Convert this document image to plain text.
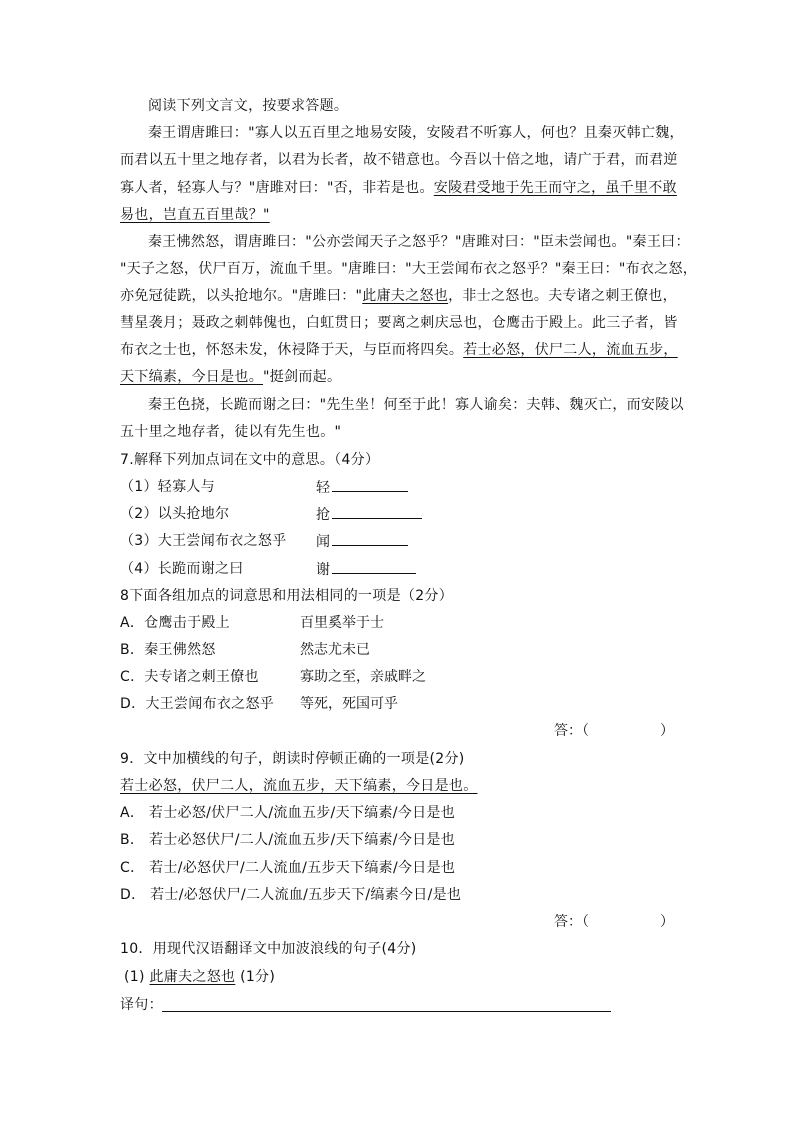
阅读下列文言文，按要求答题。
秦王谓唐雎曰："寡人以五百里之地易安陵，安陵君不听寡人，何也？且秦灭韩亡魏，
而君以五十里之地存者，以君为长者，故不错意也。今吾以十倍之地，请广于君，而君逆
寡人者，轻寡人与？"唐雎对曰："否，非若是也。安陵君受地于先王而守之，虽千里不敢
易也，岂直五百里哉？"
秦王怫然怒，谓唐雎曰："公亦尝闻天子之怒乎？"唐雎对曰："臣未尝闻也。"秦王曰：
"天子之怒，伏尸百万，流血千里。"唐雎曰："大王尝闻布衣之怒乎？"秦王曰："布衣之怒，
亦免冠徒跣，以头抢地尔。"唐雎曰："此庸夫之怒也，非士之怒也。夫专诸之刺王僚也，
彗星袭月；聂政之刺韩傀也，白虹贯日；要离之刺庆忌也，仓鹰击于殿上。此三子者，皆
布衣之士也，怀怒未发，休祲降于天，与臣而将四矣。若士必怒，伏尸二人，流血五步，
天下缟素，今日是也。"挺剑而起。
秦王色挠，长跪而谢之曰："先生坐！何至于此！寡人谕矣：夫韩、魏灭亡，而安陵以
五十里之地存者，徒以有先生也。"
7.解释下列加点词在文中的意思。（4分）
（1）轻寡人与	轻
（2）以头抢地尔	抢
（3）大王尝闻布衣之怒乎 闻
（4）长跪而谢之曰	谢
8下面各组加点的词意思和用法相同的一项是（2分）
A．仓鹰击于殿上	百里奚举于士
B．秦王佛然怒	然志尤未已
C．夫专诸之刺王僚也	寡助之至，亲戚畔之
D．大王尝闻布衣之怒乎 等死，死国可乎
答：（	）
9．文中加横线的句子，朗读时停顿正确的一项是(2分)
若士必怒，伏尸二人，流血五步，天下缟素，今日是也。
A． 若士必怒/伏尸二人/流血五步/天下缟素/今日是也
B． 若士必怒伏尸/二人/流血五步/天下缟素/今日是也
C． 若士/必怒伏尸/二人流血/五步天下缟素/今日是也
D． 若士/必怒伏尸/二人流血/五步天下/缟素今日/是也
答：（	）
10．用现代汉语翻译文中加波浪线的句子(4分)
(1) 此庸夫之怒也 (1分)
译句：
